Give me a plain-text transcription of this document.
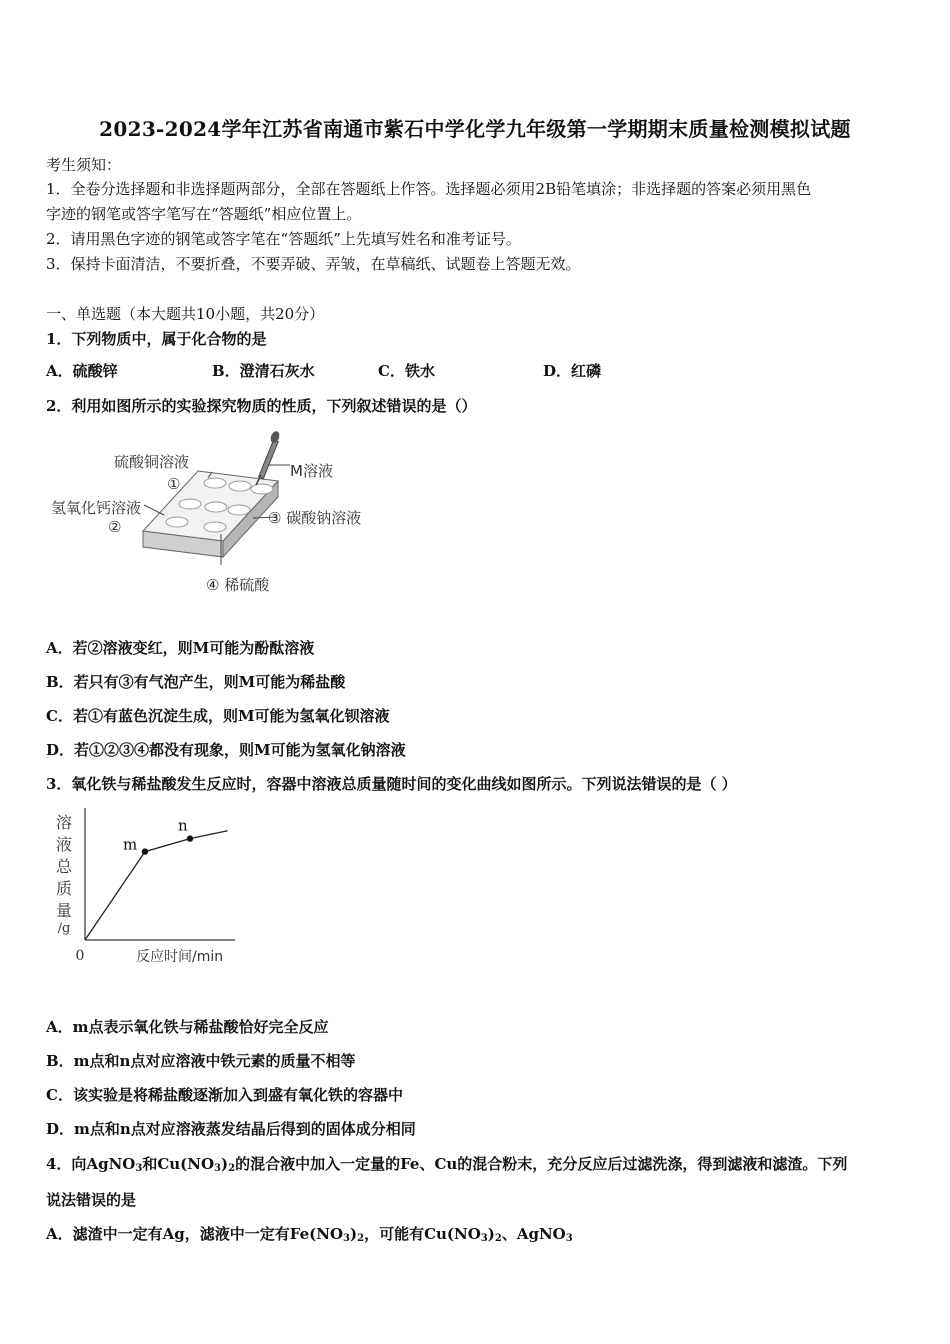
2023-2024学年江苏省南通市紫石中学化学九年级第一学期期末质量检测模拟试题
考生须知：
1．全卷分选择题和非选择题两部分，全部在答题纸上作答。选择题必须用2B铅笔填涂；非选择题的答案必须用黑色
字迹的钢笔或答字笔写在“答题纸”相应位置上。
2．请用黑色字迹的钢笔或答字笔在“答题纸”上先填写姓名和准考证号。
3．保持卡面清洁，不要折叠，不要弄破、弄皱，在草稿纸、试题卷上答题无效。
一、单选题（本大题共10小题，共20分）
1．下列物质中，属于化合物的是
A．硫酸锌	B．澄清石灰水	C．铁水	D．红磷
2．利用如图所示的实验探究物质的性质，下列叙述错误的是（）
硫酸铜溶液
①
M溶液
氢氧化钙溶液
②	③ 碳酸钠溶液
④ 稀硫酸
A．若②溶液变红，则M可能为酚酞溶液
B．若只有③有气泡产生，则M可能为稀盐酸
C．若①有蓝色沉淀生成，则M可能为氢氧化钡溶液
D．若①②③④都没有现象，则M可能为氢氧化钠溶液
3．氧化铁与稀盐酸发生反应时，容器中溶液总质量随时间的变化曲线如图所示。下列说法错误的是（ ）
溶
液
总
质
量
/g
0	反应时间/min
m
n
A．m点表示氧化铁与稀盐酸恰好完全反应
B．m点和n点对应溶液中铁元素的质量不相等
C．该实验是将稀盐酸逐渐加入到盛有氧化铁的容器中
D．m点和n点对应溶液蒸发结晶后得到的固体成分相同
4．向AgNO$_3$和$Cu(NO_3)_2$的混合液中加入一定量的Fe、Cu的混合粉末，充分反应后过滤洗涤，得到滤液和滤渣。下列
说法错误的是
A．滤渣中一定有Ag，滤液中一定有$Fe(NO_3)_2$，可能有$Cu(NO_3)_2$、AgNO$_3$
